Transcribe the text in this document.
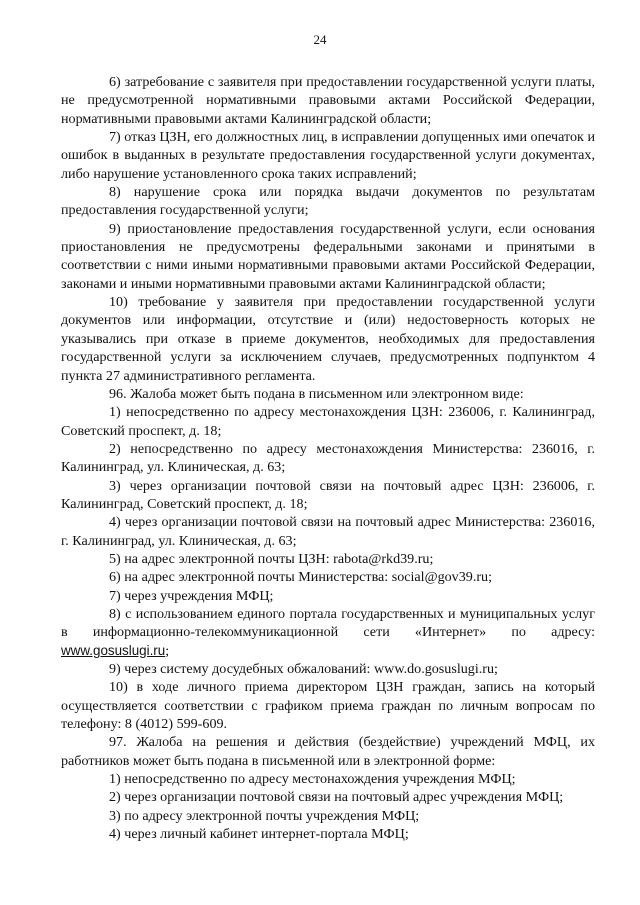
24

6) затребование с заявителя при предоставлении государственной услуги платы, не предусмотренной нормативными правовыми актами Российской Федерации, нормативными правовыми актами Калининградской области;

7) отказ ЦЗН, его должностных лиц, в исправлении допущенных ими опечаток и ошибок в выданных в результате предоставления государственной услуги документах, либо нарушение установленного срока таких исправлений;

8) нарушение срока или порядка выдачи документов по результатам предоставления государственной услуги;

9) приостановление предоставления государственной услуги, если основания приостановления не предусмотрены федеральными законами и принятыми в соответствии с ними иными нормативными правовыми актами Российской Федерации, законами и иными нормативными правовыми актами Калининградской области;

10) требование у заявителя при предоставлении государственной услуги документов или информации, отсутствие и (или) недостоверность которых не указывались при отказе в приеме документов, необходимых для предоставления государственной услуги за исключением случаев, предусмотренных подпунктом 4 пункта 27 административного регламента.

96. Жалоба может быть подана в письменном или электронном виде:

1) непосредственно по адресу местонахождения ЦЗН: 236006, г. Калининград, Советский проспект, д. 18;

2) непосредственно по адресу местонахождения Министерства: 236016, г. Калининград, ул. Клиническая, д. 63;

3) через организации почтовой связи на почтовый адрес ЦЗН: 236006, г. Калининград, Советский проспект, д. 18;

4) через организации почтовой связи на почтовый адрес Министерства: 236016, г. Калининград, ул. Клиническая, д. 63;

5) на адрес электронной почты ЦЗН: rabota@rkd39.ru;

6) на адрес электронной почты Министерства: social@gov39.ru;

7) через учреждения МФЦ;

8) с использованием единого портала государственных и муниципальных услуг в информационно-телекоммуникационной сети «Интернет» по адресу: www.gosuslugi.ru;

9) через систему досудебных обжалований: www.do.gosuslugi.ru;

10) в ходе личного приема директором ЦЗН граждан, запись на который осуществляется соответствии с графиком приема граждан по личным вопросам по телефону: 8 (4012) 599-609.

97. Жалоба на решения и действия (бездействие) учреждений МФЦ, их работников может быть подана в письменной или в электронной форме:

1) непосредственно по адресу местонахождения учреждения МФЦ;

2) через организации почтовой связи на почтовый адрес учреждения МФЦ;

3) по адресу электронной почты учреждения МФЦ;

4) через личный кабинет интернет-портала МФЦ;
